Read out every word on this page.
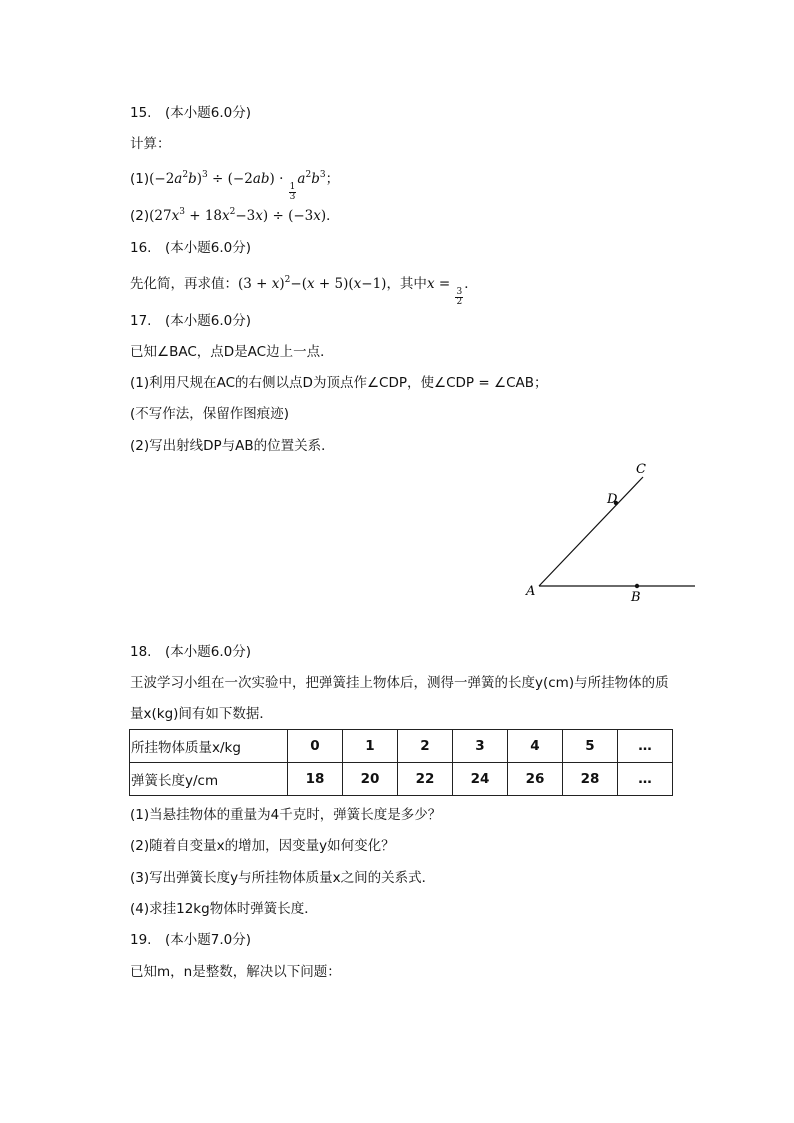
15.　(本小题6.0分)
计算：
$(1)(-2a^2b)^3 \div (-2ab)$ ·
$\frac{1}{3}$
$a^2b^3$；
$(2)(27x^3 + 18x^2-3x) \div (-3x)$．
16.　(本小题6.0分)
先化简，再求值：$(3 + x)^2-(x + 5)(x-1)$，其中x =
$\frac{3}{2}$
．
17.　(本小题6.0分)
已知∠BAC，点D是AC边上一点．
(1)利用尺规在AC的右侧以点D为顶点作∠CDP，使∠CDP = ∠CAB；
(不写作法，保留作图痕迹)
(2)写出射线DP与AB的位置关系．
A	B
C
D
18.　(本小题6.0分)
王波学习小组在一次实验中，把弹簧挂上物体后，测得一弹簧的长度y(cm)与所挂物体的质
量x(kg)间有如下数据．
所挂物体质量x/kg	0	1	2	3	4	5	…
弹簧长度y/cm	18	20	22	24	26	28	…
(1)当悬挂物体的重量为4千克时，弹簧长度是多少？
(2)随着自变量x的增加，因变量y如何变化？
(3)写出弹簧长度y与所挂物体质量x之间的关系式．
(4)求挂12kg物体时弹簧长度．
19.　(本小题7.0分)
已知m，n是整数，解决以下问题：
